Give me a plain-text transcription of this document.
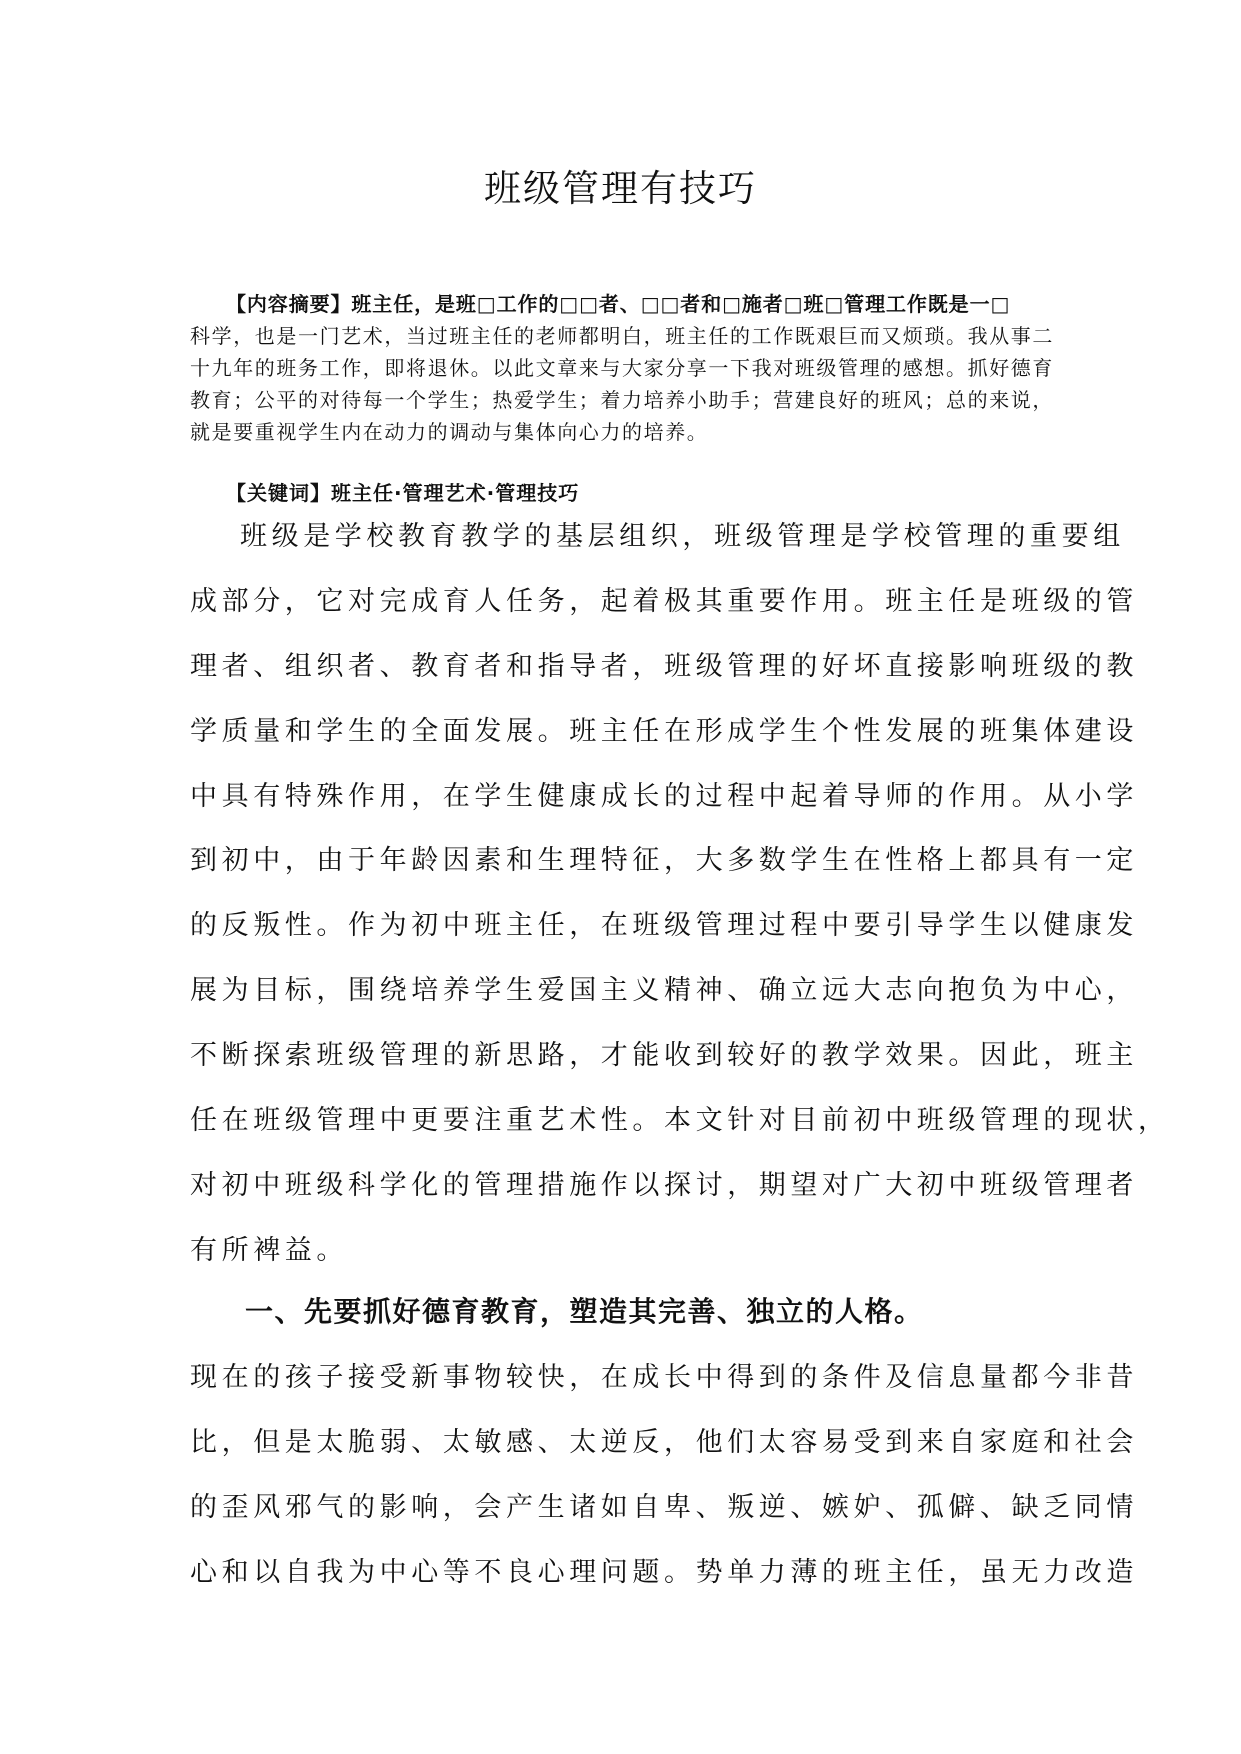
班级管理有技巧
【内容摘要】班主任，是班□工作的□□者、□□者和□施者□班□管理工作既是一□
科学，也是一门艺术，当过班主任的老师都明白，班主任的工作既艰巨而又烦琐。我从事二
十九年的班务工作，即将退休。以此文章来与大家分享一下我对班级管理的感想。抓好德育
教育；公平的对待每一个学生；热爱学生；着力培养小助手；营建良好的班风；总的来说，
就是要重视学生内在动力的调动与集体向心力的培养。
【关键词】班主任·管理艺术·管理技巧
班级是学校教育教学的基层组织，班级管理是学校管理的重要组
成部分，它对完成育人任务，起着极其重要作用。班主任是班级的管
理者、组织者、教育者和指导者，班级管理的好坏直接影响班级的教
学质量和学生的全面发展。班主任在形成学生个性发展的班集体建设
中具有特殊作用，在学生健康成长的过程中起着导师的作用。从小学
到初中，由于年龄因素和生理特征，大多数学生在性格上都具有一定
的反叛性。作为初中班主任，在班级管理过程中要引导学生以健康发
展为目标，围绕培养学生爱国主义精神、确立远大志向抱负为中心，
不断探索班级管理的新思路，才能收到较好的教学效果。因此，班主
任在班级管理中更要注重艺术性。本文针对目前初中班级管理的现状，
对初中班级科学化的管理措施作以探讨，期望对广大初中班级管理者
有所裨益。
一、先要抓好德育教育，塑造其完善、独立的人格。
现在的孩子接受新事物较快，在成长中得到的条件及信息量都今非昔
比，但是太脆弱、太敏感、太逆反，他们太容易受到来自家庭和社会
的歪风邪气的影响，会产生诸如自卑、叛逆、嫉妒、孤僻、缺乏同情
心和以自我为中心等不良心理问题。势单力薄的班主任，虽无力改造
